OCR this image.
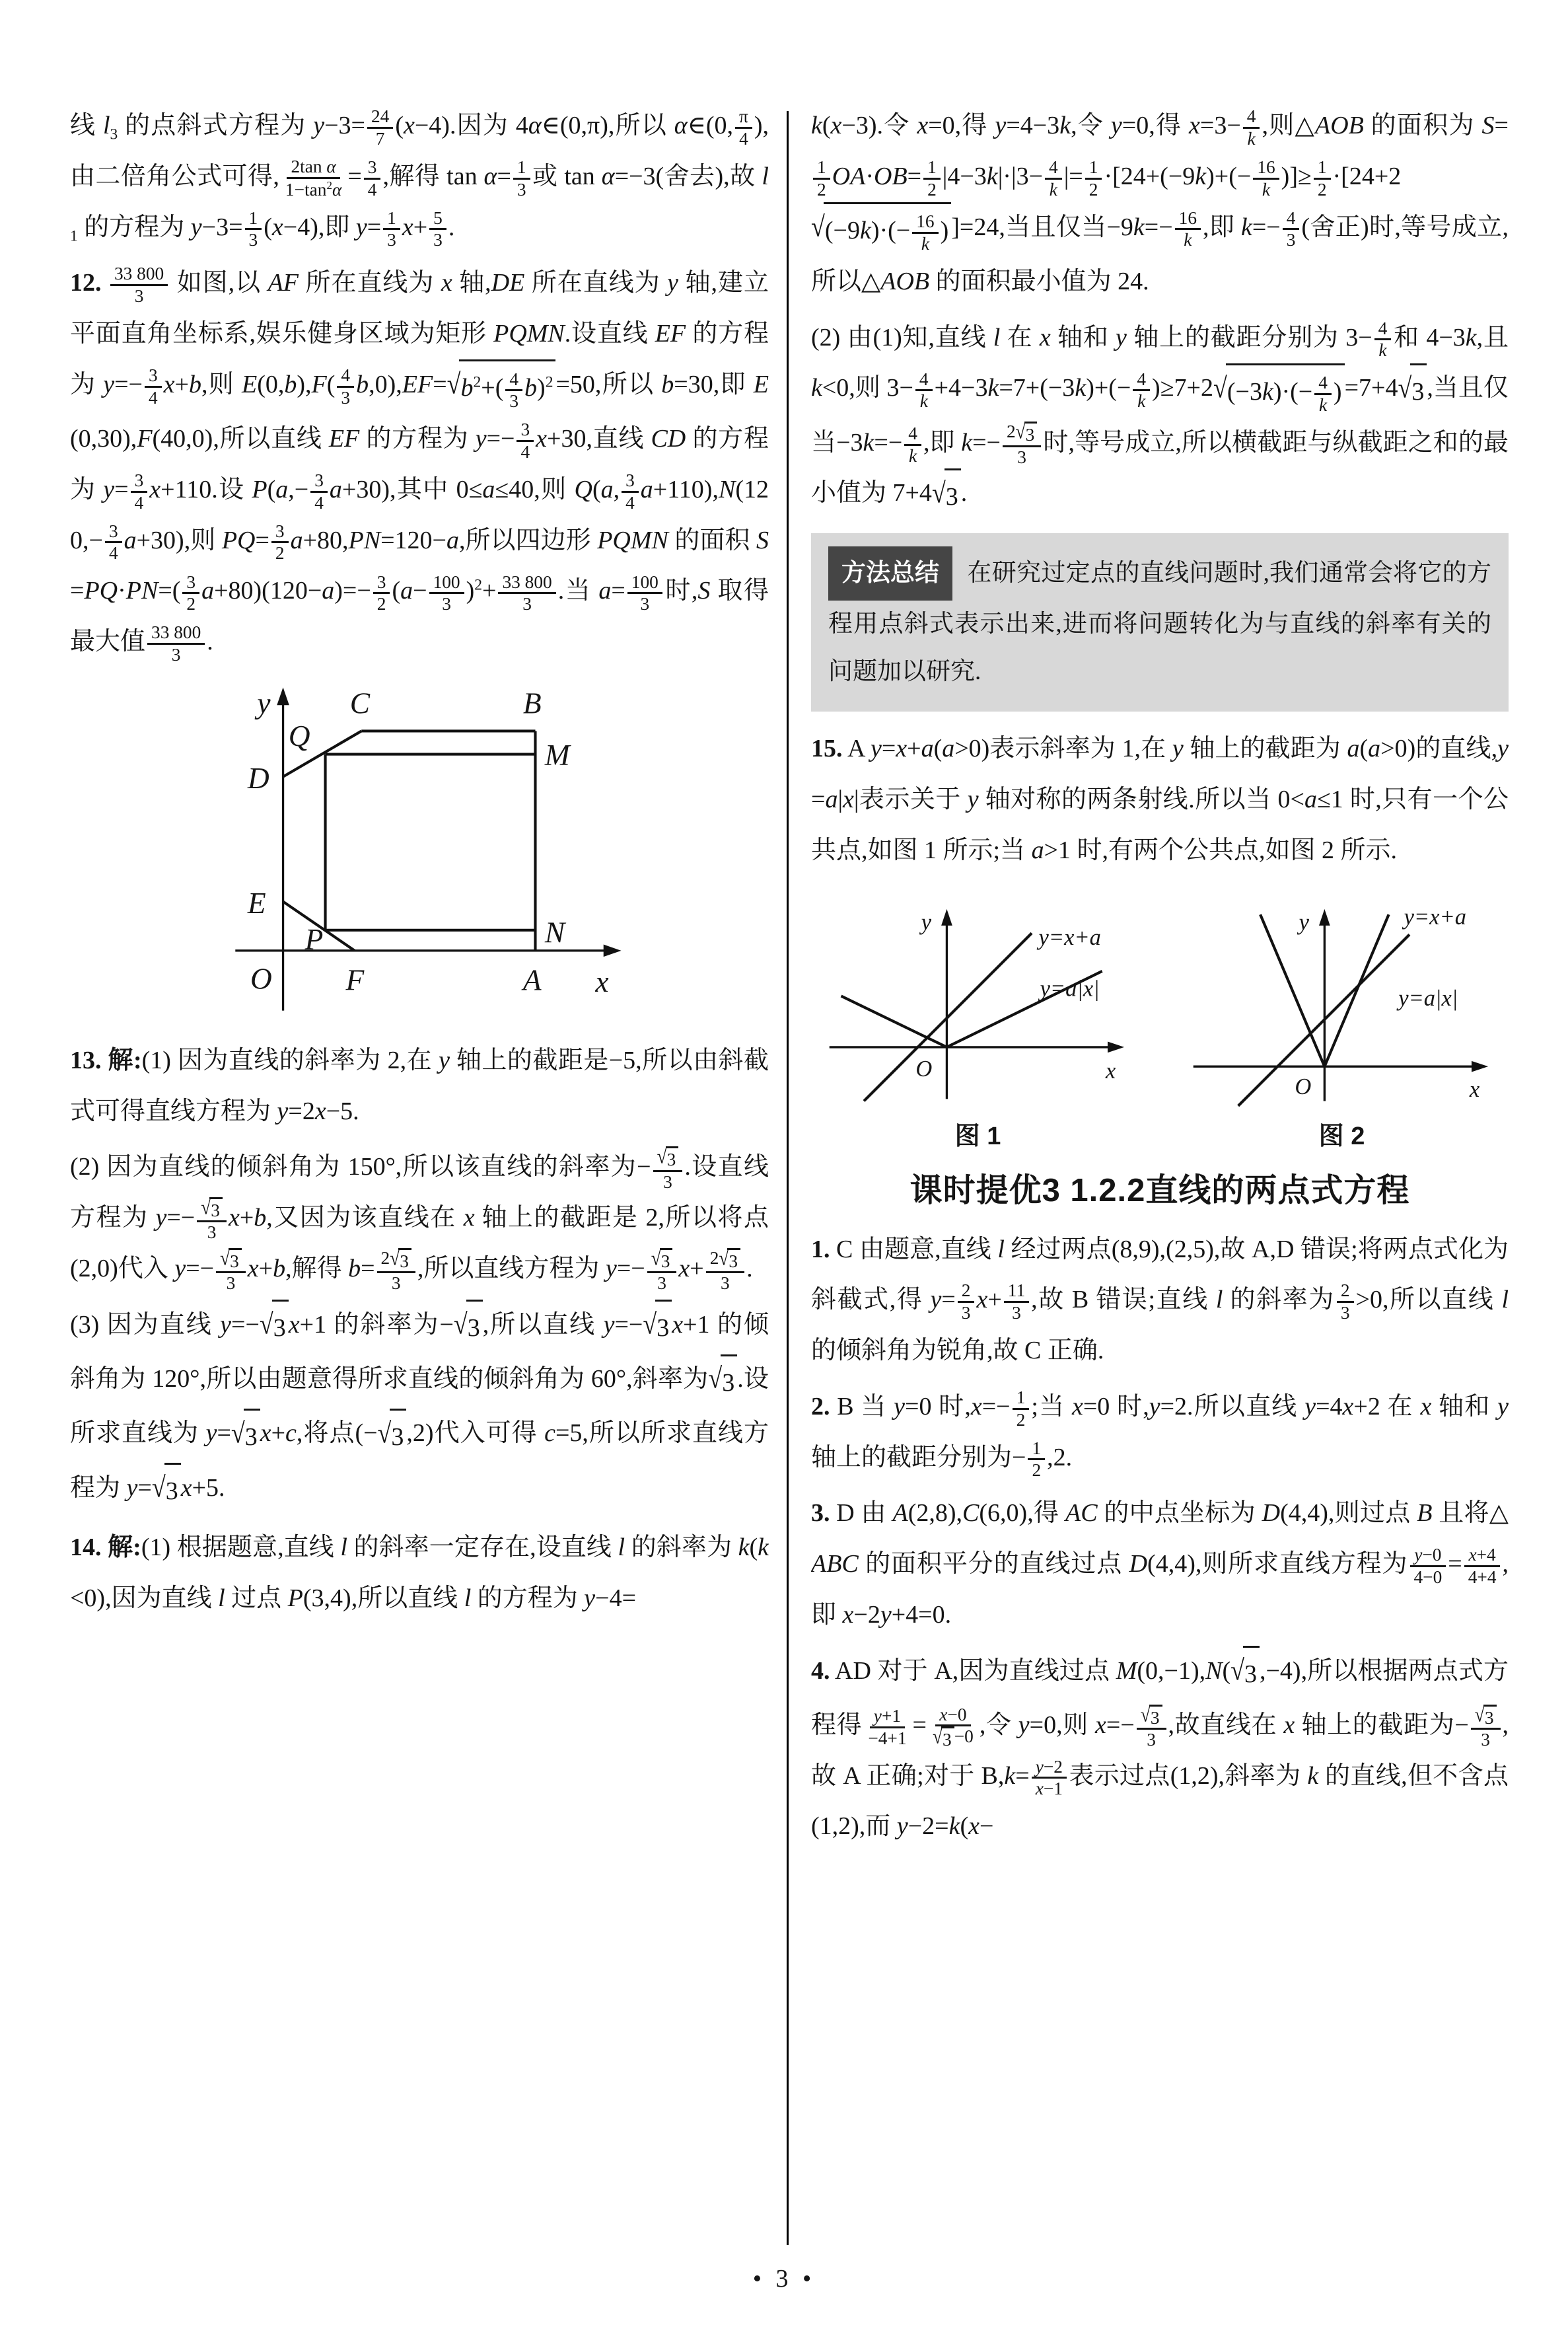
线 $l_3$ 的点斜式方程为 $y-3= \frac{24}{7} (x-4)$.因为 4α∈(0,π),所以 α∈(0, $\frac{\pi}{4}$ ),由二倍角公式可得, $\frac{\text{2tan α}}{1-\tan^2\alpha} = \frac{3}{4}$ ,解得 $\tan \alpha= \frac{1}{3}$ 或 tan α=−3(舍去),故 $l_1$ 的方程为 $y-3= \frac{1}{3} (x-4)$,即 $y= \frac{1}{3} x+ \frac{5}{3}$ .
12. $\frac{33 800}{3}$ 如图,以 AF 所在直线为 x 轴,DE 所在直线为 y 轴,建立平面直角坐标系,娱乐健身区域为矩形 PQMN.设直线 EF 的方程为 $y=- \frac{3}{4} x+b$,则 $E(0,b),F( \frac{4}{3} b,0),EF=√b^2+( \frac{4}{3} b)^2 =50$,所以 b=30,即 E(0,30),F(40,0),所以直线 EF 的方程为 $y=- \frac{3}{4} x+30$,直线 CD 的方程为 $y= \frac{3}{4} x+110$.设 $P(a,- \frac{3}{4} a+30)$,其中 0≤a≤40,则 Q(a, $\frac{3}{4} a+110),N(120,- \frac{3}{4} a+30)$,则 $PQ= \frac{3}{2} a+80,PN=120-a$,所以四边形 PQMN 的面积 $S=PQ\cdot PN=( \frac{3}{2} a+80)(120-a)=- \frac{3}{2} (a- \frac{100}{3} )^2+ \frac{33 800}{3}$ .当 $a= \frac{100}{3}$ 时,S 取得最大值 $\frac{33 800}{3}$ .
y
x
O
C	B
Q
M
D
E
P	N
F	A
13. 解:(1) 因为直线的斜率为 2,在 y 轴上的截距是−5,所以由斜截式可得直线方程为 y=2x−5.
(2) 因为直线的倾斜角为 150°,所以该直线的斜率为− $\frac{√3}{3}$ .设直线方程为 $y=- \frac{√3}{3} x+b$,又因为该直线在 x 轴上的截距是 2,所以将点(2,0)代入 $y=- \frac{√3}{3} x+b$,解得 $b= \frac{2√3}{3}$ ,所以直线方程为 $y=- \frac{√3}{3} x+ \frac{2√3}{3}$ .
(3) 因为直线 y=−√3 x+1 的斜率为−√3 ,所以直线 y=−√3 x+1 的倾斜角为 120°,所以由题意得所求直线的倾斜角为 60°,斜率为√3 .设所求直线为 y=√3 x+c,将点(−√3 ,2)代入可得 c=5,所以所求直线方程为 y=√3 x+5.
14. 解:(1) 根据题意,直线 l 的斜率一定存在,设直线 l 的斜率为 k(k<0),因为直线 l 过点 P(3,4),所以直线 l 的方程为 y−4=
k(x−3).令 x=0,得 y=4−3k,令 y=0,得 $x=3- \frac{4}{k}$ ,则△AOB 的面积为 S=
$\frac{1}{2} OA\cdot OB= \frac{1}{2} |4-3k|\cdot|3- \frac{4}{k}$ |= $\frac{1}{2} \cdot[24+(-9k)+(- \frac{16}{k}$ )]≥ $\frac{1}{2} \cdot[24+2√(-9k)\cdot(- \frac{16}{k}$ ) ]=24,当且仅当$-9k=- \frac{16}{k}$ ,即 $k=- \frac{4}{3}$ (舍正)时,等号成立,所以△AOB 的面积最小值为 24.
(2) 由(1)知,直线 l 在 x 轴和 y 轴上的截距分别为 $3- \frac{4}{k}$ 和 4−3k,且 k<0,则 $3- \frac{4}{k} +4-3k=7+(-3k)+(- \frac{4}{k} )\ge 7+2√(-3k)\cdot(- \frac{4}{k}$ ) =7+4√3 ,当且仅当$-3k=- \frac{4}{k}$ ,即 $k=- \frac{2√3}{3}$ 时,等号成立,所以横截距与纵截距之和的最小值为 7+4√3 .
方法总结 在研究过定点的直线问题时,我们通常会将它的方程用点斜式表示出来,进而将问题转化为与直线的斜率有关的问题加以研究.
15. A y=x+a(a>0)表示斜率为 1,在 y 轴上的截距为 a(a>0)的直线,y=a|x|表示关于 y 轴对称的两条射线.所以当 0<a≤1 时,只有一个公共点,如图 1 所示;当 a>1 时,有两个公共点,如图 2 所示.
y=x+a
y=a|x|
O	x
y
图 1
y=x+a
y=a|x|
O	x
y
图 2
课时提优3 1.2.2直线的两点式方程
1. C 由题意,直线 l 经过两点(8,9),(2,5),故 A,D 错误;将两点式化为斜截式,得 $y= \frac{2}{3} x+ \frac{11}{3}$ ,故 B 错误;直线 l 的斜率为 $\frac{2}{3} >0$,所以直线 l 的倾斜角为锐角,故 C 正确.
2. B 当 y=0 时$,x=- \frac{1}{2}$ ;当 x=0 时,y=2.所以直线 y=4x+2 在 x 轴和 y 轴上的截距分别为− $\frac{1}{2} ,2$.
3. D 由 A(2,8),C(6,0),得 AC 的中点坐标为 D(4,4),则过点 B 且将△ABC 的面积平分的直线过点 D(4,4),则所求直线方程为 $\frac{y-0}{4-0} = \frac{x+4}{4+4}$ ,即 x−2y+4=0.
4. AD 对于 A,因为直线过点 M(0,−1),N(√3 ,−4),所以根据两点式方程得 $\frac{y+1}{-4+1} = \frac{x-0}{√3 -0}$ ,令 y=0,则 $x=- \frac{√3}{3}$ ,故直线在 x 轴上的截距为− $\frac{√3}{3}$ ,故 A 正确;对于 $B,k= \frac{y-2}{x-1}$ 表示过点(1,2),斜率为 k 的直线,但不含点(1,2),而 y−2=k(x−
• 3 •
